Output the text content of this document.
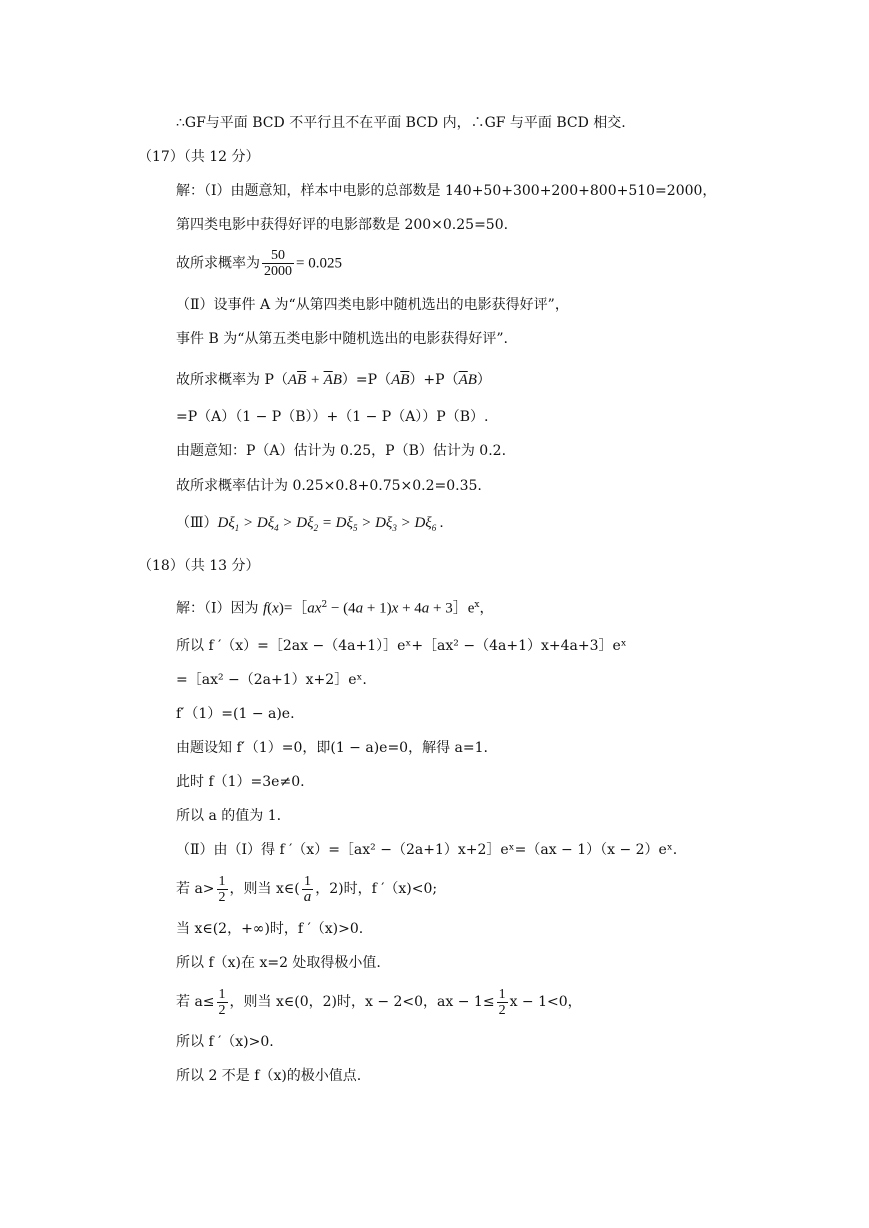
∴GF与平面 BCD 不平行且不在平面 BCD 内，∴GF 与平面 BCD 相交.
（17）（共 12 分）
解：（Ⅰ）由题意知，样本中电影的总部数是 140+50+300+200+800+510=2000，
第四类电影中获得好评的电影部数是 200×0.25=50.
故所求概率为 $\frac{50}{2000} = 0.025$
（Ⅱ）设事件 A 为“从第四类电影中随机选出的电影获得好评”，
事件 B 为“从第五类电影中随机选出的电影获得好评”.
故所求概率为 $P(A\overline{B} + \overline{A}B)=P(A\overline{B})+P(\overline{A}B)$
=P（A）（1 − P（B））+（1 − P（A））P（B）.
由题意知：P（A）估计为 0.25，P（B）估计为 0.2.
故所求概率估计为 0.25×0.8+0.75×0.2=0.35.
$(Ⅲ)D\xi_1 > D\xi_4 > D\xi_2 = D\xi_5 > D\xi_3 > D\xi_6$ .
（18）（共 13 分）
解：（Ⅰ）因为 $f(x)=[ax^2 - (4a + 1)x + 4a$ + $3]e^x$，
所以 f ′（x）=［2ax −（4a+1）］eˣ+［ax² −（4a+1）x+4a+3］eˣ
=［ax² −（2a+1）x+2］eˣ.
f′（1）=(1 − a)e.
由题设知 f′（1）=0，即(1 − a)e=0，解得 a=1.
此时 f（1）=3e≠0.
所以 a 的值为 1.
（Ⅱ）由（Ⅰ）得 f ′（x）=［ax² −（2a+1）x+2］eˣ=（ax − 1）（x − 2）eˣ.
若 $a> \frac{1}{2}$ ，则当 x∈( $\frac{1}{a}$ ，2)时，f ′（x)<0;
当 x∈(2，+∞)时，f ′（x)>0.
所以 f（x)在 x=2 处取得极小值.
若 $a\le \frac{1}{2}$ ，则当 x∈(0，2)时，x − 2<0，ax − $1\le \frac{1}{2}$ x − 1<0，
所以 f ′（x)>0.
所以 2 不是 f（x)的极小值点.
